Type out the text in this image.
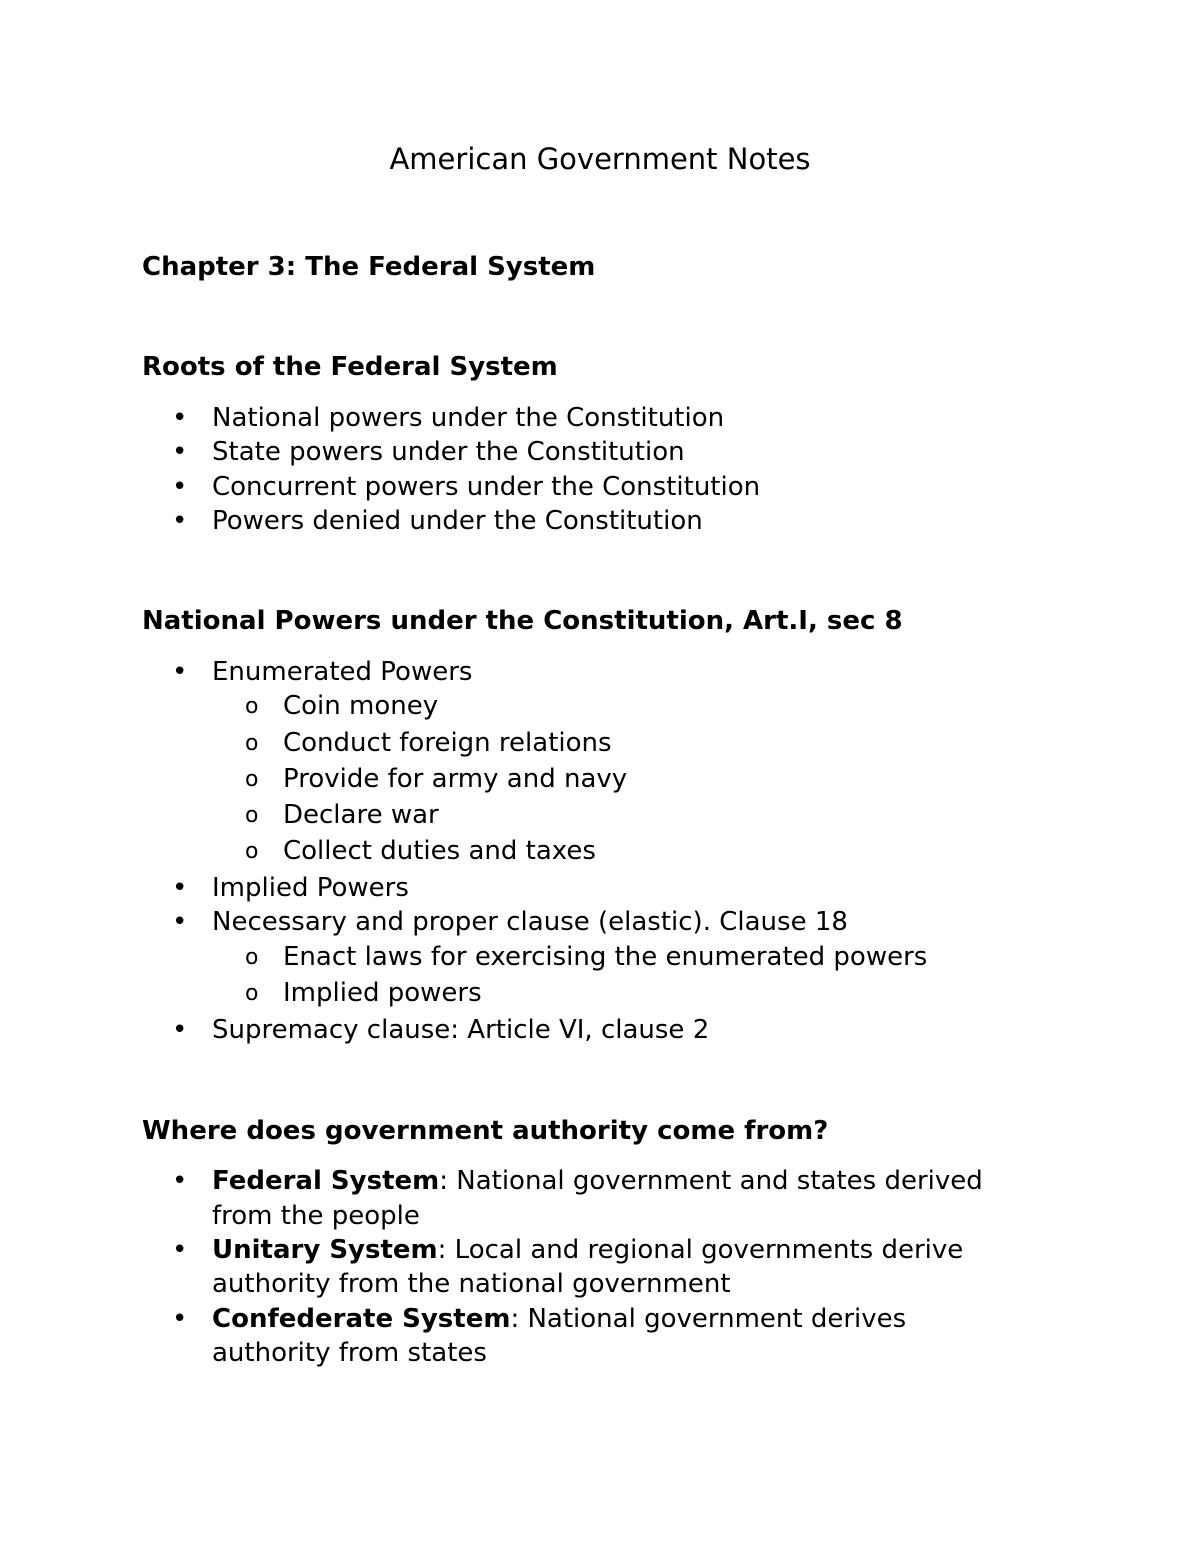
American Government Notes
Chapter 3: The Federal System
Roots of the Federal System
• National powers under the Constitution
• State powers under the Constitution
• Concurrent powers under the Constitution
• Powers denied under the Constitution
National Powers under the Constitution, Art.I, sec 8
• Enumerated Powers
o Coin money
o Conduct foreign relations
o Provide for army and navy
o Declare war
o Collect duties and taxes
• Implied Powers
• Necessary and proper clause (elastic). Clause 18
o Enact laws for exercising the enumerated powers
o Implied powers
• Supremacy clause: Article VI, clause 2
Where does government authority come from?
• Federal System: National government and states derived
from the people
• Unitary System: Local and regional governments derive
authority from the national government
• Confederate System: National government derives
authority from states
